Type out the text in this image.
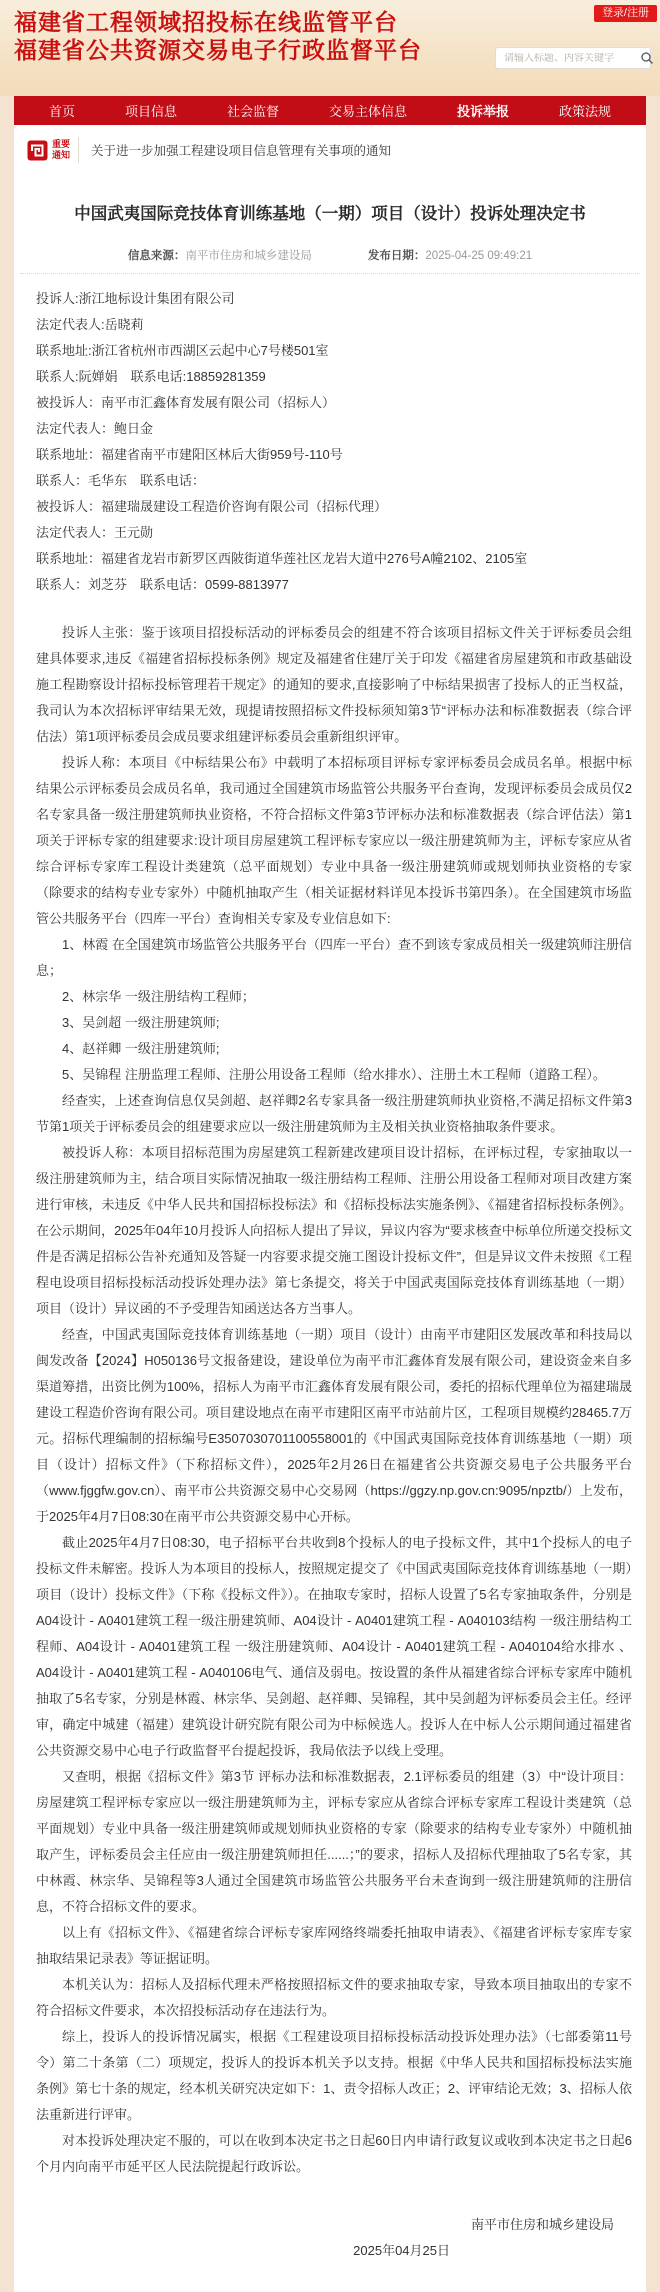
登录/注册
福建省工程领域招投标在线监管平台
福建省公共资源交易电子行政监督平台
请输入标题、内容关键字
首页	项目信息	社会监督	交易主体信息	投诉举报	政策法规
重要
通知 关于进一步加强工程建设项目信息管理有关事项的通知
中国武夷国际竞技体育训练基地（一期）项目（设计）投诉处理决定书
信息来源：南平市住房和城乡建设局	发布日期：2025-04-25 09:49:21

投诉人:浙江地标设计集团有限公司

法定代表人:岳晓莉

联系地址:浙江省杭州市西湖区云起中心7号楼501室

联系人:阮婵娟　联系电话:18859281359

被投诉人：南平市汇鑫体育发展有限公司（招标人）

法定代表人：鲍日金

联系地址：福建省南平市建阳区林后大街959号-110号

联系人：毛华东　联系电话：

被投诉人：福建瑞晟建设工程造价咨询有限公司（招标代理）

法定代表人：王元勋

联系地址：福建省龙岩市新罗区西陂街道华莲社区龙岩大道中276号A幢2102、2105室

联系人：刘芝芬　联系电话：0599-8813977

投诉人主张：鉴于该项目招投标活动的评标委员会的组建不符合该项目招标文件关于评标委员会组建具体要求,违反《福建省招标投标条例》规定及福建省住建厅关于印发《福建省房屋建筑和市政基础设施工程勘察设计招标投标管理若干规定》的通知的要求,直接影响了中标结果损害了投标人的正当权益，我司认为本次招标评审结果无效，现提请按照招标文件投标须知第3节“评标办法和标准数据表（综合评估法）第1项评标委员会成员要求组建评标委员会重新组织评审。

投诉人称：本项目《中标结果公布》中载明了本招标项目评标专家评标委员会成员名单。根据中标结果公示评标委员会成员名单，我司通过全国建筑市场监管公共服务平台查询，发现评标委员会成员仅2名专家具备一级注册建筑师执业资格，不符合招标文件第3节评标办法和标准数据表（综合评估法）第1项关于评标专家的组建要求:设计项目房屋建筑工程评标专家应以一级注册建筑师为主，评标专家应从省综合评标专家库工程设计类建筑（总平面规划）专业中具备一级注册建筑师或规划师执业资格的专家（除要求的结构专业专家外）中随机抽取产生（相关证据材料详见本投诉书第四条）。在全国建筑市场监管公共服务平台（四库一平台）查询相关专家及专业信息如下:

1、林霞 在全国建筑市场监管公共服务平台（四库一平台）查不到该专家成员相关一级建筑师注册信息；

2、林宗华 一级注册结构工程师；

3、吴剑超 一级注册建筑师;

4、赵祥卿 一级注册建筑师;

5、吴锦程 注册监理工程师、注册公用设备工程师（给水排水）、注册土木工程师（道路工程）。

经查实，上述查询信息仅吴剑超、赵祥卿2名专家具备一级注册建筑师执业资格,不满足招标文件第3节第1项关于评标委员会的组建要求应以一级注册建筑师为主及相关执业资格抽取条件要求。

被投诉人称：本项目招标范围为房屋建筑工程新建改建项目设计招标，在评标过程，专家抽取以一级注册建筑师为主，结合项目实际情况抽取一级注册结构工程师、注册公用设备工程师对项目改建方案进行审核，未违反《中华人民共和国招标投标法》和《招标投标法实施条例》、《福建省招标投标条例》。在公示期间，2025年04年10月投诉人向招标人提出了异议，异议内容为“要求核查中标单位所递交投标文件是否满足招标公告补充通知及答疑一内容要求提交施工图设计投标文件”，但是异议文件未按照《工程程电设项目招标投标活动投诉处理办法》第七条提交，将关于中国武夷国际竞技体育训练基地（一期）项目（设计）异议函的不予受理告知函送达各方当事人。

经查，中国武夷国际竞技体育训练基地（一期）项目（设计）由南平市建阳区发展改革和科技局以闽发改备【2024】H050136号文报备建设，建设单位为南平市汇鑫体育发展有限公司，建设资金来自多渠道筹措，出资比例为100%，招标人为南平市汇鑫体育发展有限公司，委托的招标代理单位为福建瑞晟建设工程造价咨询有限公司。项目建设地点在南平市建阳区南平市站前片区，工程项目规模约28465.7万元。招标代理编制的招标编号E3507030701100558001的《中国武夷国际竞技体育训练基地（一期）项目（设计）招标文件》（下称招标文件），2025年2月26日在福建省公共资源交易电子公共服务平台（www.fjggfw.gov.cn）、南平市公共资源交易中心交易网（https://ggzy.np.gov.cn:9095/npztb/）上发布，于2025年4月7日08:30在南平市公共资源交易中心开标。

截止2025年4月7日08:30，电子招标平台共收到8个投标人的电子投标文件，其中1个投标人的电子投标文件未解密。投诉人为本项目的投标人，按照规定提交了《中国武夷国际竞技体育训练基地（一期）项目（设计）投标文件》（下称《投标文件》）。在抽取专家时，招标人设置了5名专家抽取条件，分别是A04设计 - A0401建筑工程一级注册建筑师、A04设计 - A0401建筑工程 - A040103结构 一级注册结构工程师、A04设计 - A0401建筑工程 一级注册建筑师、A04设计 - A0401建筑工程 - A040104给水排水 、A04设计 - A0401建筑工程 - A040106电气、通信及弱电。按设置的条件从福建省综合评标专家库中随机抽取了5名专家，分别是林霞、林宗华、吴剑超、赵祥卿、吴锦程，其中吴剑超为评标委员会主任。经评审，确定中城建（福建）建筑设计研究院有限公司为中标候选人。投诉人在中标人公示期间通过福建省公共资源交易中心电子行政监督平台提起投诉，我局依法予以线上受理。

又查明，根据《招标文件》第3节 评标办法和标准数据表，2.1评标委员的组建（3）中“设计项目：房屋建筑工程评标专家应以一级注册建筑师为主，评标专家应从省综合评标专家库工程设计类建筑（总平面规划）专业中具备一级注册建筑师或规划师执业资格的专家（除要求的结构专业专家外）中随机抽取产生，评标委员会主任应由一级注册建筑师担任......；”的要求，招标人及招标代理抽取了5名专家，其中林霞、林宗华、吴锦程等3人通过全国建筑市场监管公共服务平台未查询到一级注册建筑师的注册信息，不符合招标文件的要求。

以上有《招标文件》、《福建省综合评标专家库网络终端委托抽取申请表》、《福建省评标专家库专家抽取结果记录表》等证据证明。

本机关认为：招标人及招标代理未严格按照招标文件的要求抽取专家，导致本项目抽取出的专家不符合招标文件要求，本次招投标活动存在违法行为。

综上，投诉人的投诉情况属实，根据《工程建设项目招标投标活动投诉处理办法》（七部委第11号令）第二十条第（二）项规定，投诉人的投诉本机关予以支持。根据《中华人民共和国招标投标法实施条例》第七十条的规定，经本机关研究决定如下：1、责令招标人改正；2、评审结论无效；3、招标人依法重新进行评审。

对本投诉处理决定不服的，可以在收到本决定书之日起60日内申请行政复议或收到本决定书之日起6个月内向南平市延平区人民法院提起行政诉讼。

南平市住房和城乡建设局
2025年04月25日
